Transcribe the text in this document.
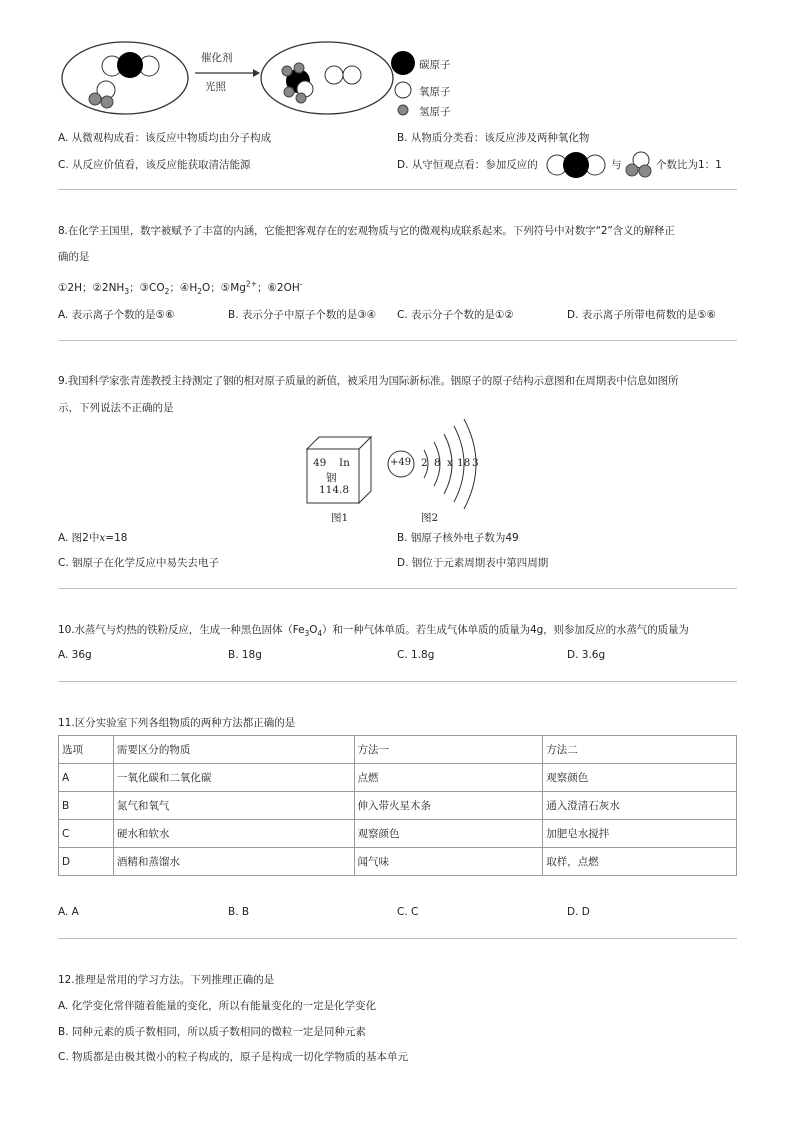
催化剂
光照
碳原子
氧原子
氢原子
A. 从微观构成看：该反应中物质均由分子构成	B. 从物质分类看：该反应涉及两种氧化物
C. 从反应价值看，该反应能获取清洁能源	D. 从守恒观点看：参加反应的	与	个数比为1：1
8.在化学王国里，数字被赋予了丰富的内涵，它能把客观存在的宏观物质与它的微观构成联系起来。下列符号中对数字“2”含义的解释正
确的是
①2H；$②2NH_3$；$③CO_2$；$④H_2O$；$⑤Mg^{2+}$；⑥2OH-
A. 表示离子个数的是⑤⑥	B. 表示分子中原子个数的是③④ C. 表示分子个数的是①②	D. 表示离子所带电荷数的是⑤⑥
9.我国科学家张青莲教授主持测定了铟的相对原子质量的新值，被采用为国际新标准。铟原子的原子结构示意图和在周期表中信息如图所
示，下列说法不正确的是
49 In
铟
114.8
+49 2 8 x 18 3
图1	图2
A. 图2中x=18	B. 铟原子核外电子数为49
C. 铟原子在化学反应中易失去电子	D. 铟位于元素周期表中第四周期
10.水蒸气与灼热的铁粉反应，生成一种黑色固体$(Fe_3O_4)$和一种气体单质。若生成气体单质的质量为4g，则参加反应的水蒸气的质量为
A. 36g	B. 18g	C. 1.8g	D. 3.6g
11.区分实验室下列各组物质的两种方法都正确的是
选项	需要区分的物质	方法一	方法二
A	一氧化碳和二氧化碳	点燃	观察颜色
B	氮气和氧气	伸入带火星木条	通入澄清石灰水
C	硬水和软水	观察颜色	加肥皂水搅拌
D	酒精和蒸馏水	闻气味	取样，点燃
A. A	B. B	C. C	D. D
12.推理是常用的学习方法。下列推理正确的是
A. 化学变化常伴随着能量的变化，所以有能量变化的一定是化学变化
B. 同种元素的质子数相同，所以质子数相同的微粒一定是同种元素
C. 物质都是由极其微小的粒子构成的，原子是构成一切化学物质的基本单元
